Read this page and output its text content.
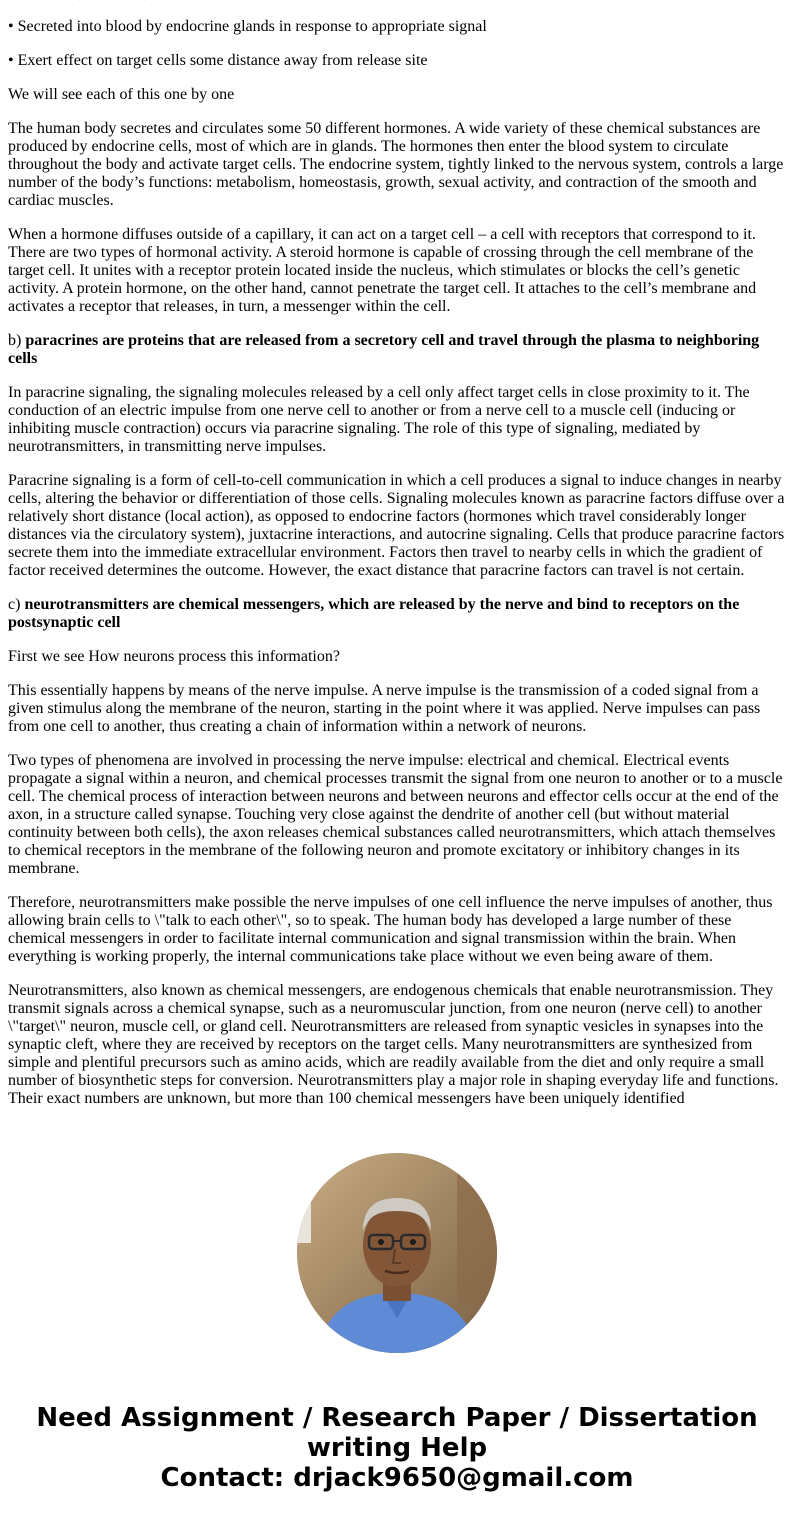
• Secreted into blood by endocrine glands in response to appropriate signal

• Exert effect on target cells some distance away from release site

We will see each of this one by one

The human body secretes and circulates some 50 different hormones. A wide variety of these chemical substances are produced by endocrine cells, most of which are in glands. The hormones then enter the blood system to circulate throughout the body and activate target cells. The endocrine system, tightly linked to the nervous system, controls a large number of the body’s functions: metabolism, homeostasis, growth, sexual activity, and contraction of the smooth and cardiac muscles.

When a hormone diffuses outside of a capillary, it can act on a target cell – a cell with receptors that correspond to it. There are two types of hormonal activity. A steroid hormone is capable of crossing through the cell membrane of the target cell. It unites with a receptor protein located inside the nucleus, which stimulates or blocks the cell’s genetic activity. A protein hormone, on the other hand, cannot penetrate the target cell. It attaches to the cell’s membrane and activates a receptor that releases, in turn, a messenger within the cell.

b) paracrines are proteins that are released from a secretory cell and travel through the plasma to neighboring cells

In paracrine signaling, the signaling molecules released by a cell only affect target cells in close proximity to it. The conduction of an electric impulse from one nerve cell to another or from a nerve cell to a muscle cell (inducing or inhibiting muscle contraction) occurs via paracrine signaling. The role of this type of signaling, mediated by neurotransmitters, in transmitting nerve impulses.

Paracrine signaling is a form of cell-to-cell communication in which a cell produces a signal to induce changes in nearby cells, altering the behavior or differentiation of those cells. Signaling molecules known as paracrine factors diffuse over a relatively short distance (local action), as opposed to endocrine factors (hormones which travel considerably longer distances via the circulatory system), juxtacrine interactions, and autocrine signaling. Cells that produce paracrine factors secrete them into the immediate extracellular environment. Factors then travel to nearby cells in which the gradient of factor received determines the outcome. However, the exact distance that paracrine factors can travel is not certain.

c) neurotransmitters are chemical messengers, which are released by the nerve and bind to receptors on the postsynaptic cell

First we see How neurons process this information?

This essentially happens by means of the nerve impulse. A nerve impulse is the transmission of a coded signal from a given stimulus along the membrane of the neuron, starting in the point where it was applied. Nerve impulses can pass from one cell to another, thus creating a chain of information within a network of neurons.

Two types of phenomena are involved in processing the nerve impulse: electrical and chemical. Electrical events propagate a signal within a neuron, and chemical processes transmit the signal from one neuron to another or to a muscle cell. The chemical process of interaction between neurons and between neurons and effector cells occur at the end of the axon, in a structure called synapse. Touching very close against the dendrite of another cell (but without material continuity between both cells), the axon releases chemical substances called neurotransmitters, which attach themselves to chemical receptors in the membrane of the following neuron and promote excitatory or inhibitory changes in its membrane.

Therefore, neurotransmitters make possible the nerve impulses of one cell influence the nerve impulses of another, thus allowing brain cells to \"talk to each other\", so to speak. The human body has developed a large number of these chemical messengers in order to facilitate internal communication and signal transmission within the brain. When everything is working properly, the internal communications take place without we even being aware of them.

Neurotransmitters, also known as chemical messengers, are endogenous chemicals that enable neurotransmission. They transmit signals across a chemical synapse, such as a neuromuscular junction, from one neuron (nerve cell) to another \"target\" neuron, muscle cell, or gland cell. Neurotransmitters are released from synaptic vesicles in synapses into the synaptic cleft, where they are received by receptors on the target cells. Many neurotransmitters are synthesized from simple and plentiful precursors such as amino acids, which are readily available from the diet and only require a small number of biosynthetic steps for conversion. Neurotransmitters play a major role in shaping everyday life and functions. Their exact numbers are unknown, but more than 100 chemical messengers have been uniquely identified

Need Assignment / Research Paper / Dissertation
writing Help
Contact: drjack9650@gmail.com
